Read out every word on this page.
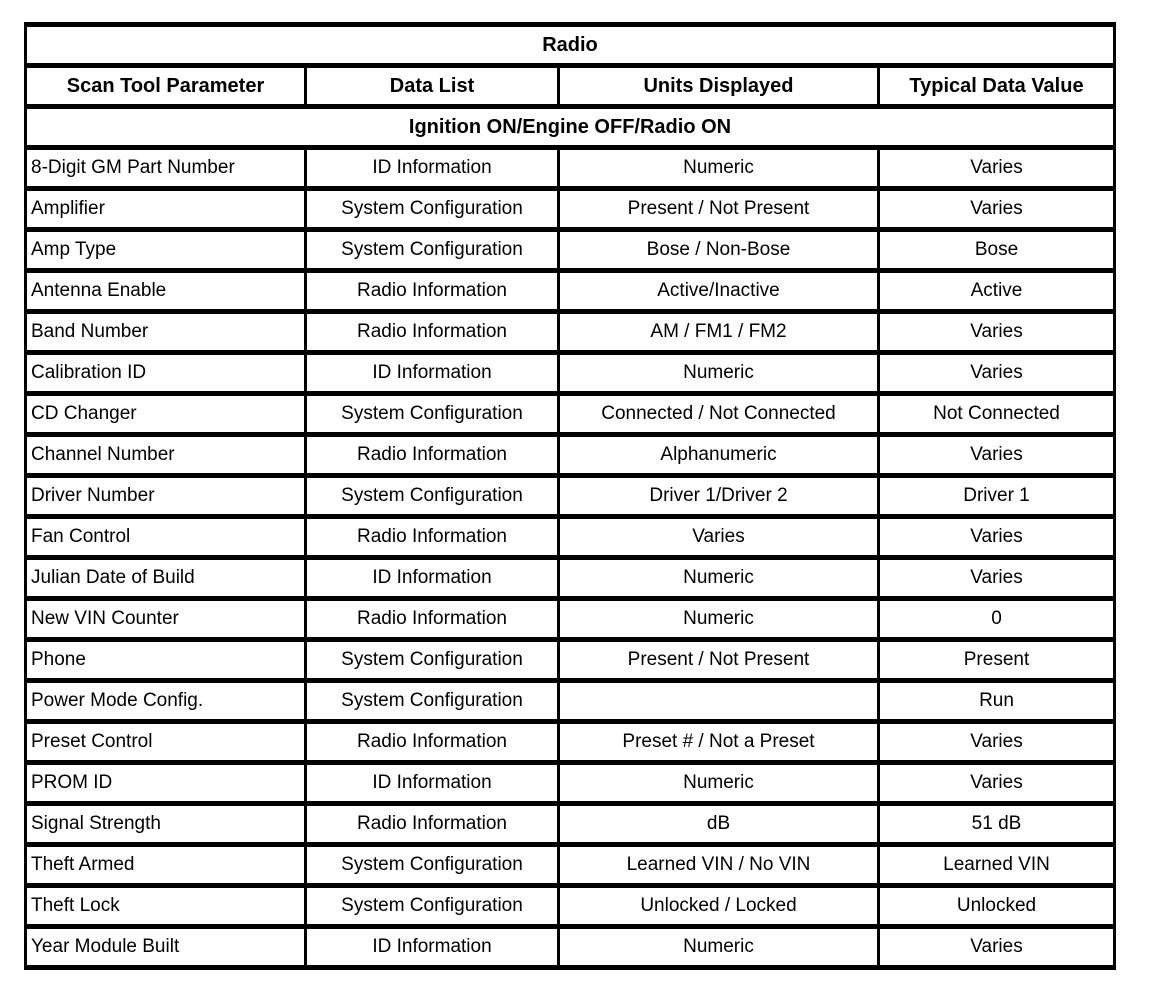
Radio			
Scan Tool Parameter	Data List	Units Displayed	Typical Data Value
Ignition ON/Engine OFF/Radio ON			
8-Digit GM Part Number	ID Information	Numeric	Varies
Amplifier	System Configuration	Present / Not Present	Varies
Amp Type	System Configuration	Bose / Non-Bose	Bose
Antenna Enable	Radio Information	Active/Inactive	Active
Band Number	Radio Information	AM / FM1 / FM2	Varies
Calibration ID	ID Information	Numeric	Varies
CD Changer	System Configuration	Connected / Not Connected	Not Connected
Channel Number	Radio Information	Alphanumeric	Varies
Driver Number	System Configuration	Driver 1/Driver 2	Driver 1
Fan Control	Radio Information	Varies	Varies
Julian Date of Build	ID Information	Numeric	Varies
New VIN Counter	Radio Information	Numeric	0
Phone	System Configuration	Present / Not Present	Present
Power Mode Config.	System Configuration		Run
Preset Control	Radio Information	Preset # / Not a Preset	Varies
PROM ID	ID Information	Numeric	Varies
Signal Strength	Radio Information	dB	51 dB
Theft Armed	System Configuration	Learned VIN / No VIN	Learned VIN
Theft Lock	System Configuration	Unlocked / Locked	Unlocked
Year Module Built	ID Information	Numeric	Varies
